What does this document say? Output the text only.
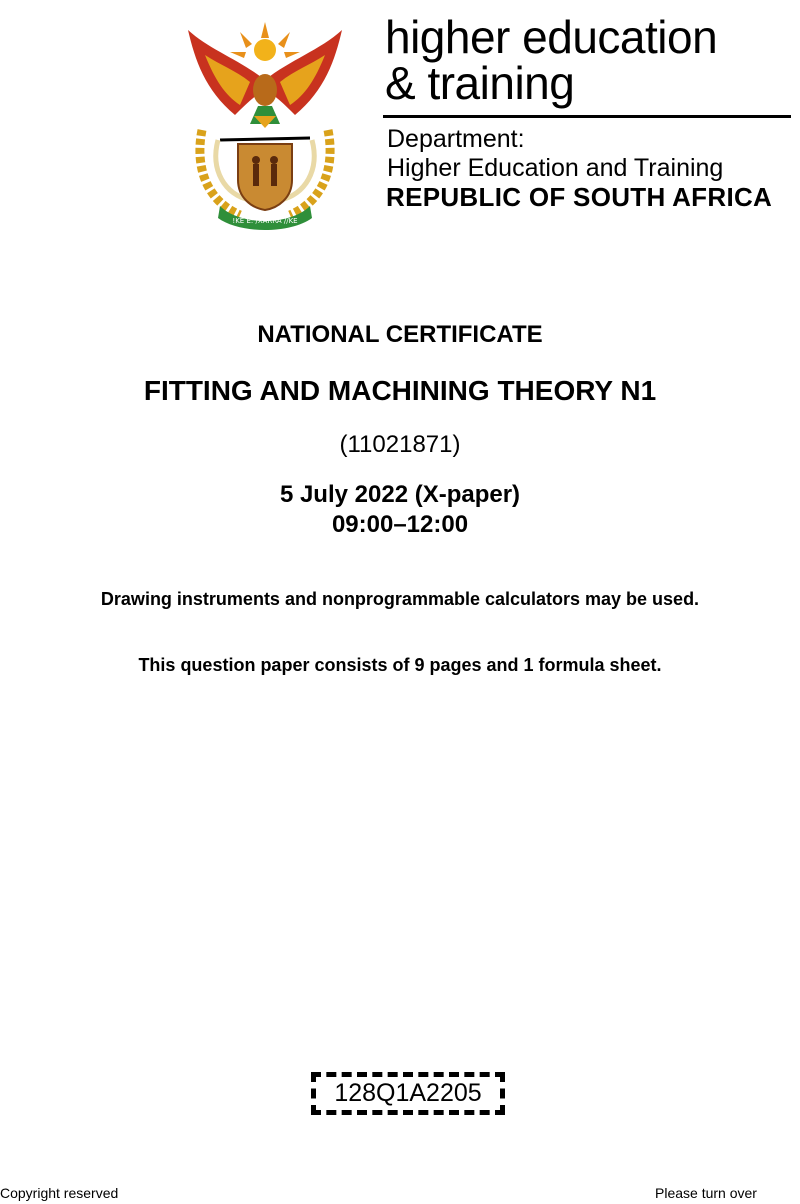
!KE E: /XARRA //KE
higher education
& training
Department:
Higher Education and Training
REPUBLIC OF SOUTH AFRICA
NATIONAL CERTIFICATE
FITTING AND MACHINING THEORY N1
(11021871)
5 July 2022 (X-paper)
09:00–12:00
Drawing instruments and nonprogrammable calculators may be used.
This question paper consists of 9 pages and 1 formula sheet.
128Q1A2205
Copyright reserved	Please turn over
